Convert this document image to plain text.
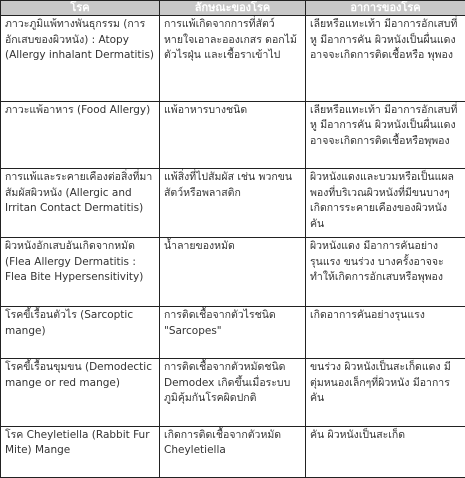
โรค	ลักษณะของโรค	อาการของโรค
ภาวะภูมิแพ้ทางพันธุกรรม (การอักเสบของผิวหนัง) : Atopy (Allergy inhalant Dermatitis)	การแพ้เกิดจากการที่สัตว์หายใจเอาละอองเกสร ดอกไม้ ตัวไรฝุ่น และเชื้อราเข้าไป	เลียหรือแทะเท้า มีอาการอักเสบที่หู มีอาการคัน ผิวหนังเป็นผื่นแดง อาจจะเกิดการติดเชื้อหรือ พุพอง
ภาวะแพ้อาหาร (Food Allergy)	แพ้อาหารบางชนิด	เลียหรือแทะเท้า มีอาการอักเสบที่หู มีอาการคัน ผิวหนังเป็นผื่นแดง อาจจะเกิดการติดเชื้อหรือพุพอง
การแพ้และระคายเคืองต่อสิ่งที่มาสัมผัสผิวหนัง (Allergic and Irritan Contact Dermatitis)	แพ้สิ่งที่ไปสัมผัส เช่น พวกขนสัตว์หรือพลาสติก	ผิวหนังแดงและบวมหรือเป็นแผลพองที่บริเวณผิวหนังที่มีขนบางๆ เกิดการระคายเคืองของผิวหนัง คัน
ผิวหนังอักเสบอันเกิดจากหมัด (Flea Allergy Dermatitis : Flea Bite Hypersensitivity)	น้ำลายของหมัด	ผิวหนังแดง มีอาการคันอย่างรุนแรง ขนร่วง บางครั้งอาจจะทำให้เกิดการอักเสบหรือพุพอง
โรคขี้เรื้อนตัวไร (Sarcoptic mange)	การติดเชื้อจากตัวไรชนิด "Sarcopes"	เกิดอาการคันอย่างรุนแรง
โรคขี้เรื้อนขุมขน (Demodectic mange or red mange)	การติดเชื้อจากตัวหมัดชนิด Demodex เกิดขึ้นเมื่อระบบภูมิคุ้มกันโรคผิดปกติ	ขนร่วง ผิวหนังเป็นสะเก็ดแดง มีตุ่มหนองเล็กๆที่ผิวหนัง มีอาการคัน
โรค Cheyletiella (Rabbit Fur Mite) Mange	เกิดการติดเชื้อจากตัวหมัด Cheyletiella	คัน ผิวหนังเป็นสะเก็ด
